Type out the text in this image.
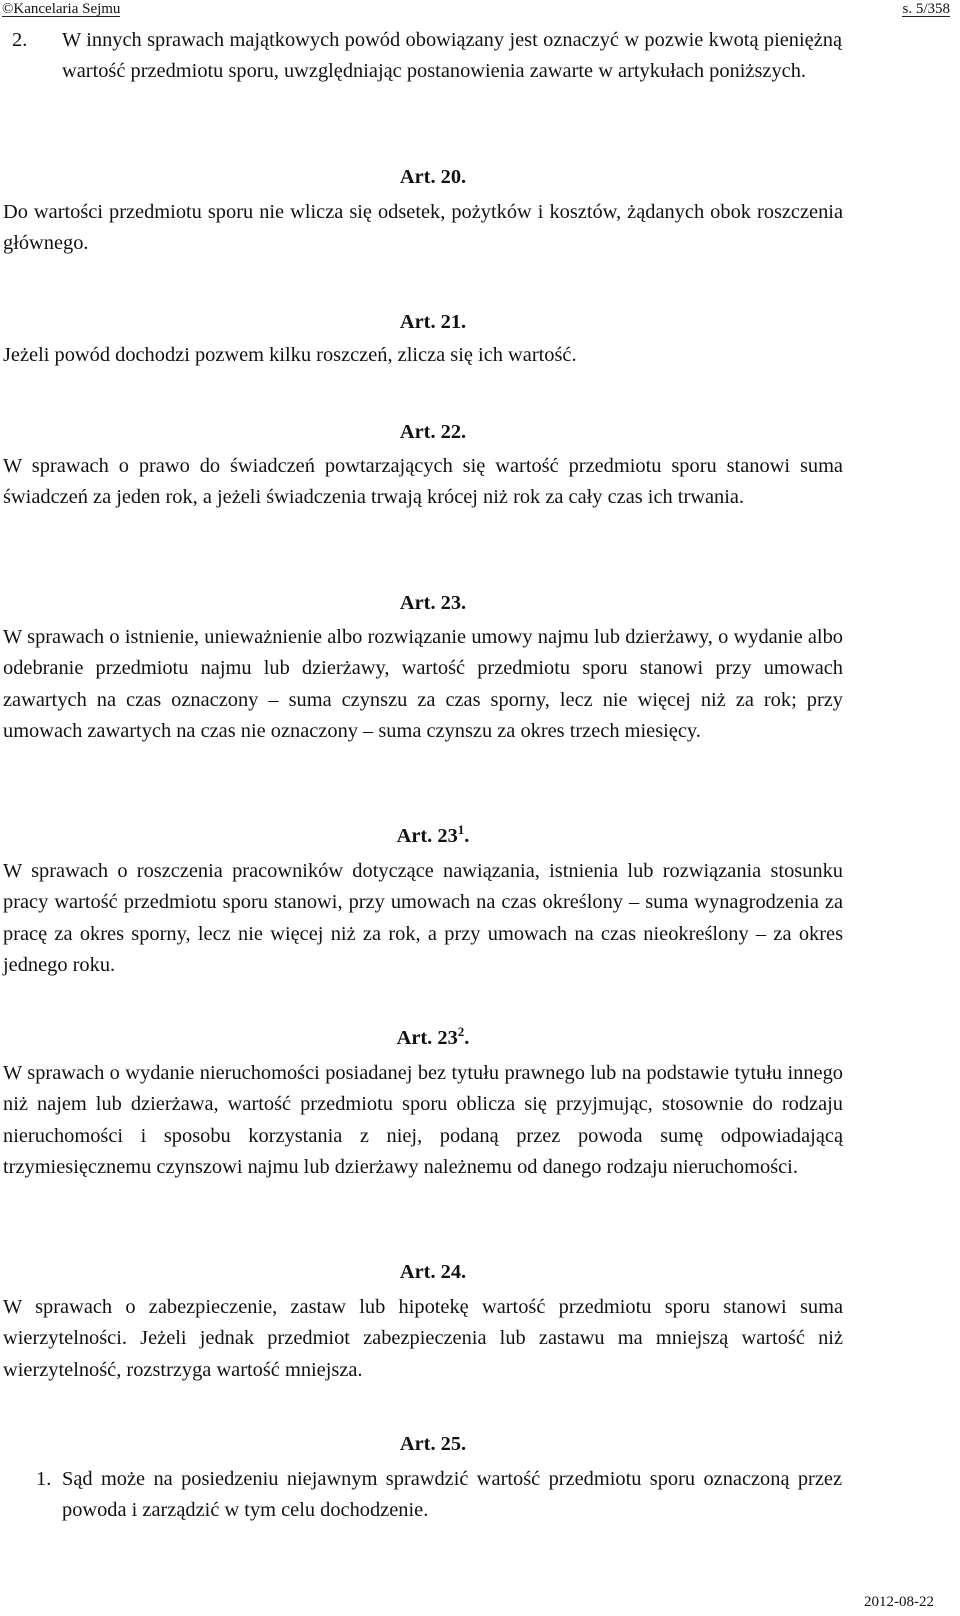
©Kancelaria Sejmu	s. 5/358
2. W innych sprawach majątkowych powód obowiązany jest oznaczyć w pozwie kwotą pieniężną wartość przedmiotu sporu, uwzględniając postanowienia zawarte w artykułach poniższych.
Art. 20.
Do wartości przedmiotu sporu nie wlicza się odsetek, pożytków i kosztów, żądanych obok roszczenia głównego.
Art. 21.
Jeżeli powód dochodzi pozwem kilku roszczeń, zlicza się ich wartość.
Art. 22.
W sprawach o prawo do świadczeń powtarzających się wartość przedmiotu sporu stanowi suma świadczeń za jeden rok, a jeżeli świadczenia trwają krócej niż rok za cały czas ich trwania.
Art. 23.
W sprawach o istnienie, unieważnienie albo rozwiązanie umowy najmu lub dzierżawy, o wydanie albo odebranie przedmiotu najmu lub dzierżawy, wartość przedmiotu sporu stanowi przy umowach zawartych na czas oznaczony – suma czynszu za czas sporny, lecz nie więcej niż za rok; przy umowach zawartych na czas nie oznaczony – suma czynszu za okres trzech miesięcy.
Art. $23^1$.
W sprawach o roszczenia pracowników dotyczące nawiązania, istnienia lub rozwiązania stosunku pracy wartość przedmiotu sporu stanowi, przy umowach na czas określony – suma wynagrodzenia za pracę za okres sporny, lecz nie więcej niż za rok, a przy umowach na czas nieokreślony – za okres jednego roku.
Art. $23^2$.
W sprawach o wydanie nieruchomości posiadanej bez tytułu prawnego lub na podstawie tytułu innego niż najem lub dzierżawa, wartość przedmiotu sporu oblicza się przyjmując, stosownie do rodzaju nieruchomości i sposobu korzystania z niej, podaną przez powoda sumę odpowiadającą trzymiesięcznemu czynszowi najmu lub dzierżawy należnemu od danego rodzaju nieruchomości.
Art. 24.
W sprawach o zabezpieczenie, zastaw lub hipotekę wartość przedmiotu sporu stanowi suma wierzytelności. Jeżeli jednak przedmiot zabezpieczenia lub zastawu ma mniejszą wartość niż wierzytelność, rozstrzyga wartość mniejsza.
Art. 25.
1. Sąd może na posiedzeniu niejawnym sprawdzić wartość przedmiotu sporu oznaczoną przez powoda i zarządzić w tym celu dochodzenie.
2012-08-22
